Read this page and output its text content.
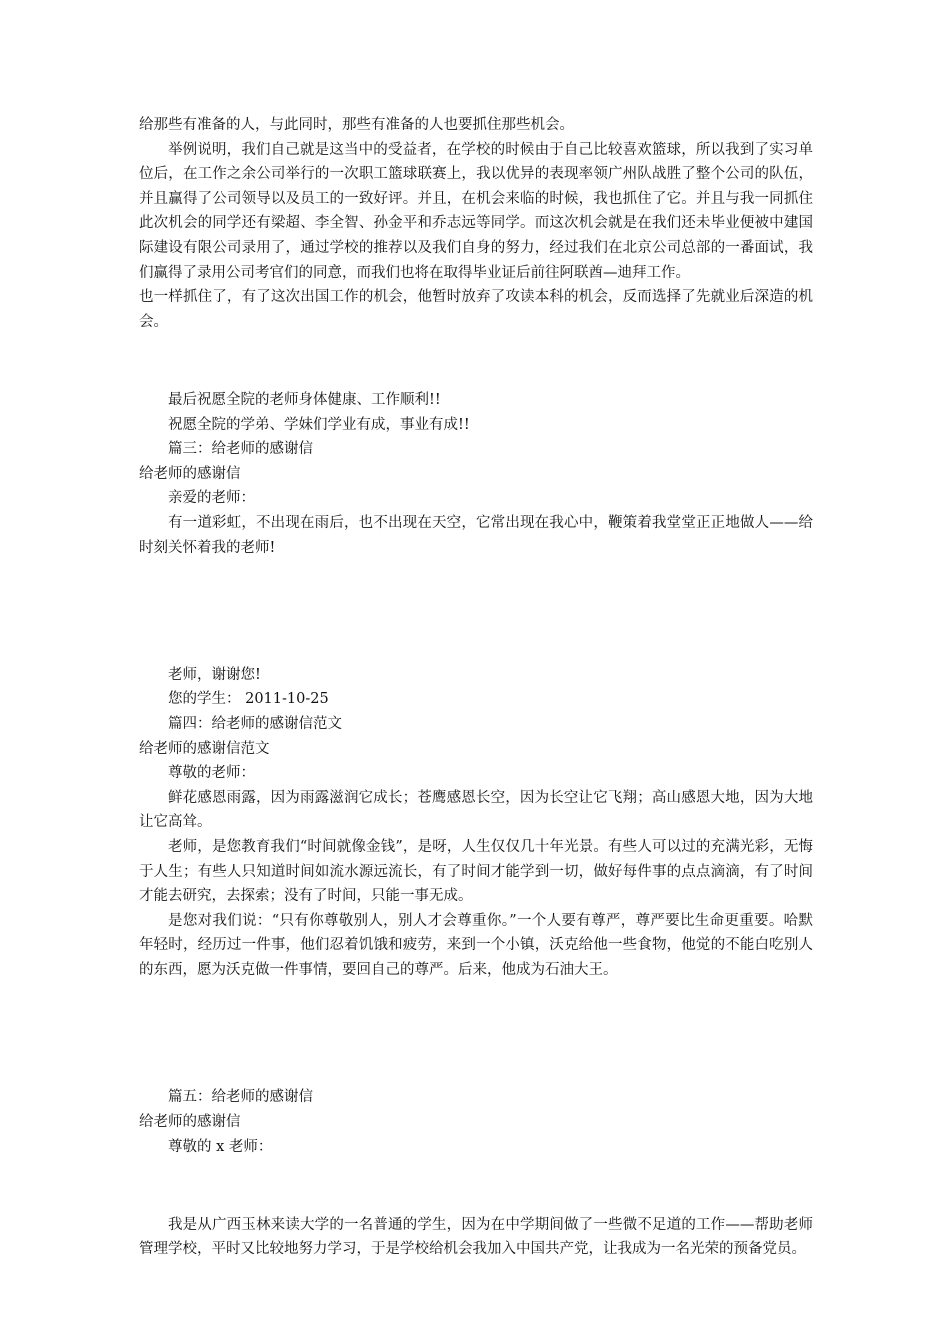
给那些有准备的人，与此同时，那些有准备的人也要抓住那些机会。

举例说明，我们自己就是这当中的受益者，在学校的时候由于自己比较喜欢篮球，所以我到了实习单位后，在工作之余公司举行的一次职工篮球联赛上，我以优异的表现率领广州队战胜了整个公司的队伍，并且赢得了公司领导以及员工的一致好评。并且，在机会来临的时候，我也抓住了它。并且与我一同抓住此次机会的同学还有梁超、李全智、孙金平和乔志远等同学。而这次机会就是在我们还未毕业便被中建国际建设有限公司录用了，通过学校的推荐以及我们自身的努力，经过我们在北京公司总部的一番面试，我们赢得了录用公司考官们的同意，而我们也将在取得毕业证后前往阿联酋—迪拜工作。

也一样抓住了，有了这次出国工作的机会，他暂时放弃了攻读本科的机会，反而选择了先就业后深造的机会。

最后祝愿全院的老师身体健康、工作顺利!!

祝愿全院的学弟、学妹们学业有成，事业有成!!

篇三：给老师的感谢信

给老师的感谢信

亲爱的老师：

有一道彩虹，不出现在雨后，也不出现在天空，它常出现在我心中，鞭策着我堂堂正正地做人——给时刻关怀着我的老师!

老师，谢谢您!

您的学生： 2011-10-25

篇四：给老师的感谢信范文

给老师的感谢信范文

尊敬的老师：

鲜花感恩雨露，因为雨露滋润它成长；苍鹰感恩长空，因为长空让它飞翔；高山感恩大地，因为大地让它高耸。

老师，是您教育我们“时间就像金钱”，是呀，人生仅仅几十年光景。有些人可以过的充满光彩，无悔于人生；有些人只知道时间如流水源远流长，有了时间才能学到一切，做好每件事的点点滴滴，有了时间才能去研究，去探索；没有了时间，只能一事无成。

是您对我们说：“只有你尊敬别人，别人才会尊重你。”一个人要有尊严，尊严要比生命更重要。哈默年轻时，经历过一件事，他们忍着饥饿和疲劳，来到一个小镇，沃克给他一些食物，他觉的不能白吃别人的东西，愿为沃克做一件事情，要回自己的尊严。后来，他成为石油大王。

篇五：给老师的感谢信

给老师的感谢信

尊敬的 x 老师：

我是从广西玉林来读大学的一名普通的学生，因为在中学期间做了一些微不足道的工作——帮助老师管理学校，平时又比较地努力学习，于是学校给机会我加入中国共产党，让我成为一名光荣的预备党员。
